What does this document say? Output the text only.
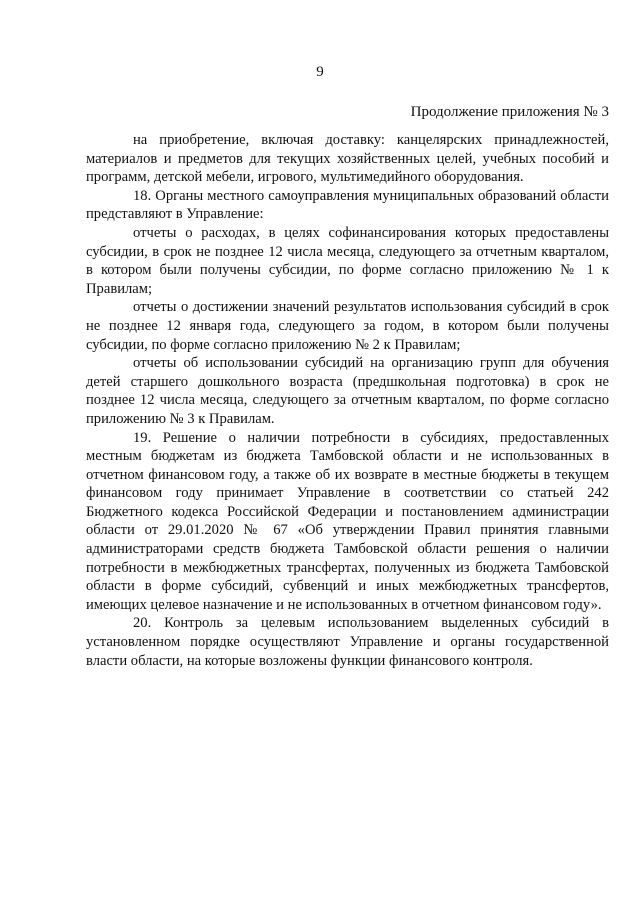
9
Продолжение приложения № 3

на приобретение, включая доставку: канцелярских принадлежностей, материалов и предметов для текущих хозяйственных целей, учебных пособий и программ, детской мебели, игрового, мультимедийного оборудования.

18. Органы местного самоуправления муниципальных образований области представляют в Управление:

отчеты о расходах, в целях софинансирования которых предоставлены субсидии, в срок не позднее 12 числа месяца, следующего за отчетным кварталом, в котором были получены субсидии, по форме согласно приложению № 1 к Правилам;

отчеты о достижении значений результатов использования субсидий в срок не позднее 12 января года, следующего за годом, в котором были получены субсидии, по форме согласно приложению № 2 к Правилам;

отчеты об использовании субсидий на организацию групп для обучения детей старшего дошкольного возраста (предшкольная подготовка) в срок не позднее 12 числа месяца, следующего за отчетным кварталом, по форме согласно приложению № 3 к Правилам.

19. Решение о наличии потребности в субсидиях, предоставленных местным бюджетам из бюджета Тамбовской области и не использованных в отчетном финансовом году, а также об их возврате в местные бюджеты в текущем финансовом году принимает Управление в соответствии со статьей 242 Бюджетного кодекса Российской Федерации и постановлением администрации области от 29.01.2020 № 67 «Об утверждении Правил принятия главными администраторами средств бюджета Тамбовской области решения о наличии потребности в межбюджетных трансфертах, полученных из бюджета Тамбовской области в форме субсидий, субвенций и иных межбюджетных трансфертов, имеющих целевое назначение и не использованных в отчетном финансовом году».

20. Контроль за целевым использованием выделенных субсидий в установленном порядке осуществляют Управление и органы государственной власти области, на которые возложены функции финансового контроля.
